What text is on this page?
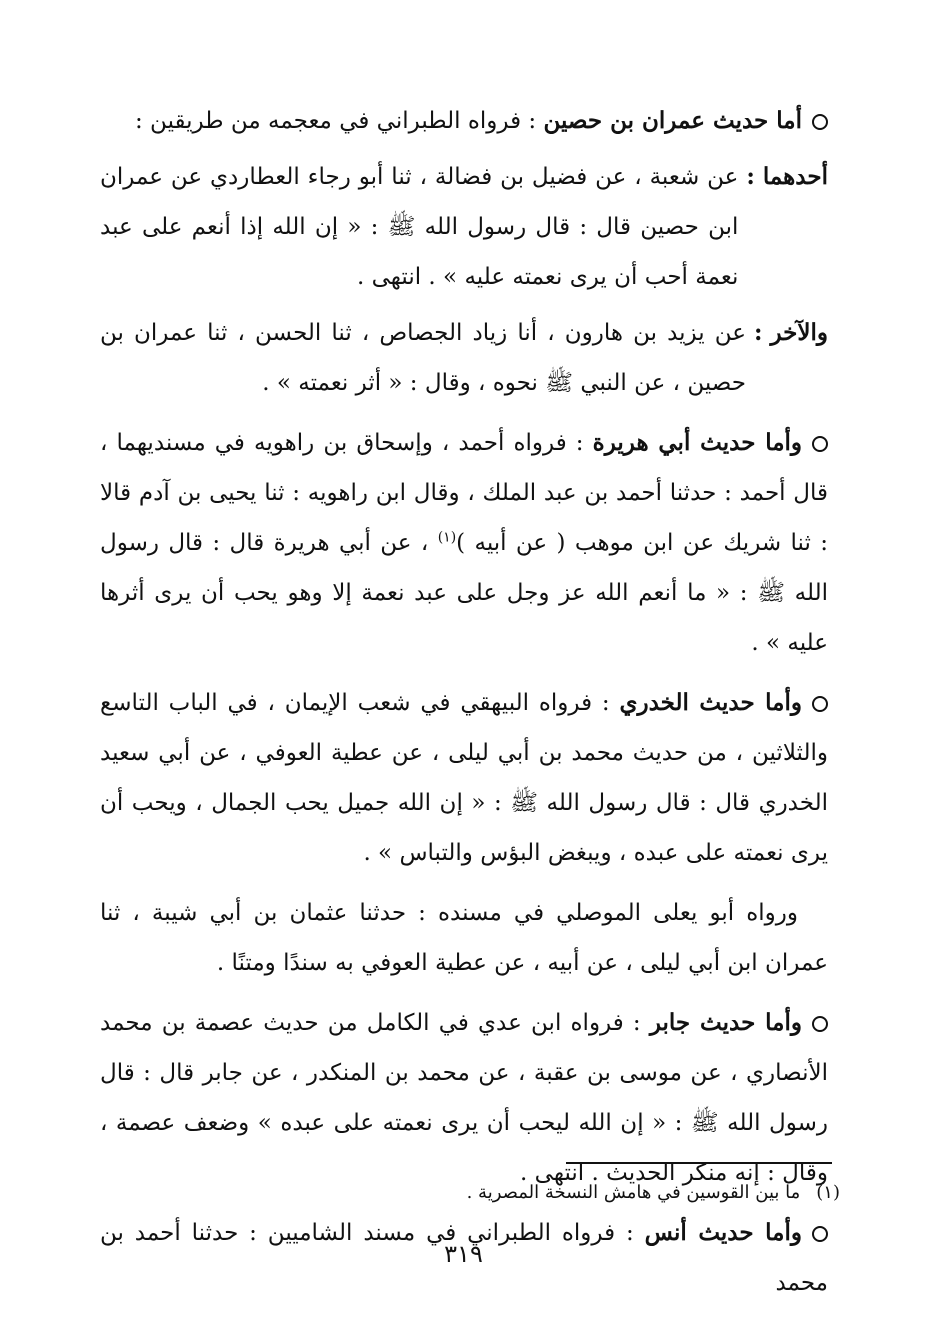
أما حديث عمران بن حصين : فرواه الطبراني في معجمه من طريقين :

أحدهما :
عن شعبة ، عن فضيل بن فضالة ، ثنا أبو رجاء العطاردي عن عمران ابن حصين قال : قال رسول الله ﷺ : « إن الله إذا أنعم على عبد نعمة أحب أن يرى نعمته عليه » . انتهى .
والآخر :
عن يزيد بن هارون ، أنا زياد الجصاص ، ثنا الحسن ، ثنا عمران بن حصين ، عن النبي ﷺ نحوه ، وقال : « أثر نعمته » .

وأما حديث أبي هريرة : فرواه أحمد ، وإسحاق بن راهويه في مسنديهما ، قال أحمد : حدثنا أحمد بن عبد الملك ، وقال ابن راهويه : ثنا يحيى بن آدم قالا : ثنا شريك عن ابن موهب ( عن أبيه )$^{(١)}$ ، عن أبي هريرة قال : قال رسول الله ﷺ : « ما أنعم الله عز وجل على عبد نعمة إلا وهو يحب أن يرى أثرها عليه » .

وأما حديث الخدري : فرواه البيهقي في شعب الإيمان ، في الباب التاسع والثلاثين ، من حديث محمد بن أبي ليلى ، عن عطية العوفي ، عن أبي سعيد الخدري قال : قال رسول الله ﷺ : « إن الله جميل يحب الجمال ، ويحب أن يرى نعمته على عبده ، ويبغض البؤس والتباس » .

ورواه أبو يعلى الموصلي في مسنده : حدثنا عثمان بن أبي شيبة ، ثنا عمران ابن أبي ليلى ، عن أبيه ، عن عطية العوفي به سندًا ومتنًا .

وأما حديث جابر : فرواه ابن عدي في الكامل من حديث عصمة بن محمد الأنصاري ، عن موسى بن عقبة ، عن محمد بن المنكدر ، عن جابر قال : قال رسول الله ﷺ : « إن الله ليحب أن يرى نعمته على عبده » وضعف عصمة ، وقال : إنه منكر الحديث . انتهى .

وأما حديث أنس : فرواه الطبراني في مسند الشاميين : حدثنا أحمد بن محمد

(١)ما بين القوسين في هامش النسخة المصرية .
٣١٩
